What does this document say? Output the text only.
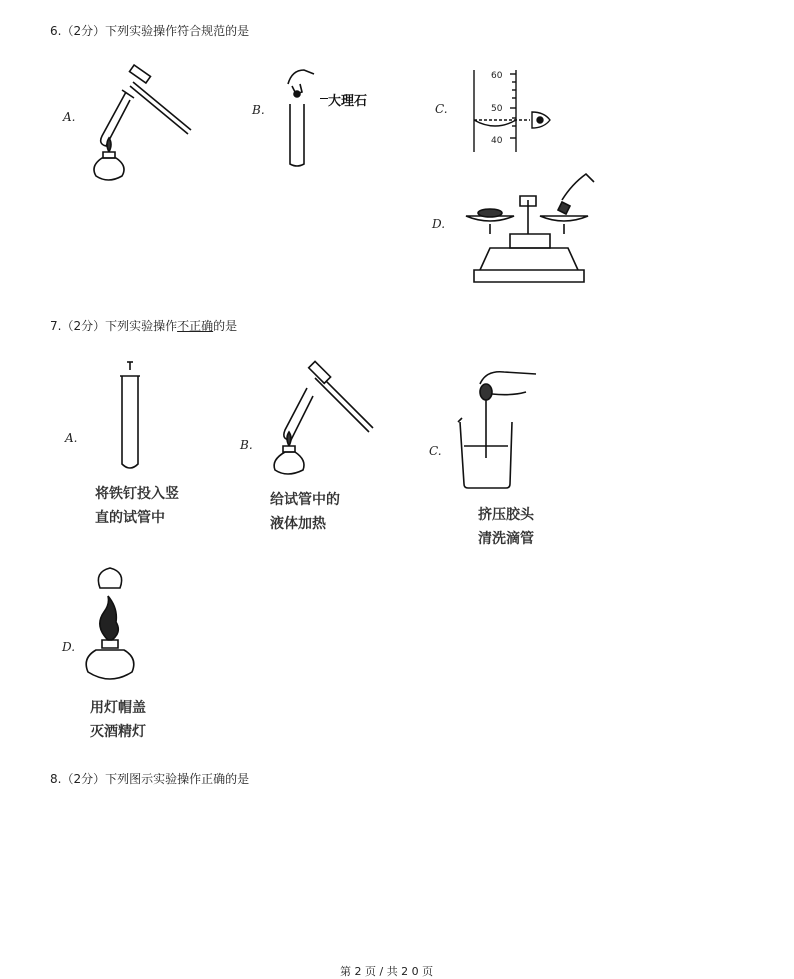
6.（2分）下列实验操作符合规范的是
A.	B.
大理石	C.
60
50
40
D.
7.（2分）下列实验操作不正确的是
A.
将铁钉投入竖
直的试管中
B.
给试管中的
液体加热
C.
挤压胶头
清洗滴管
D.
用灯帽盖
灭酒精灯
8.（2分）下列图示实验操作正确的是
第 2 页 / 共 2 0 页
